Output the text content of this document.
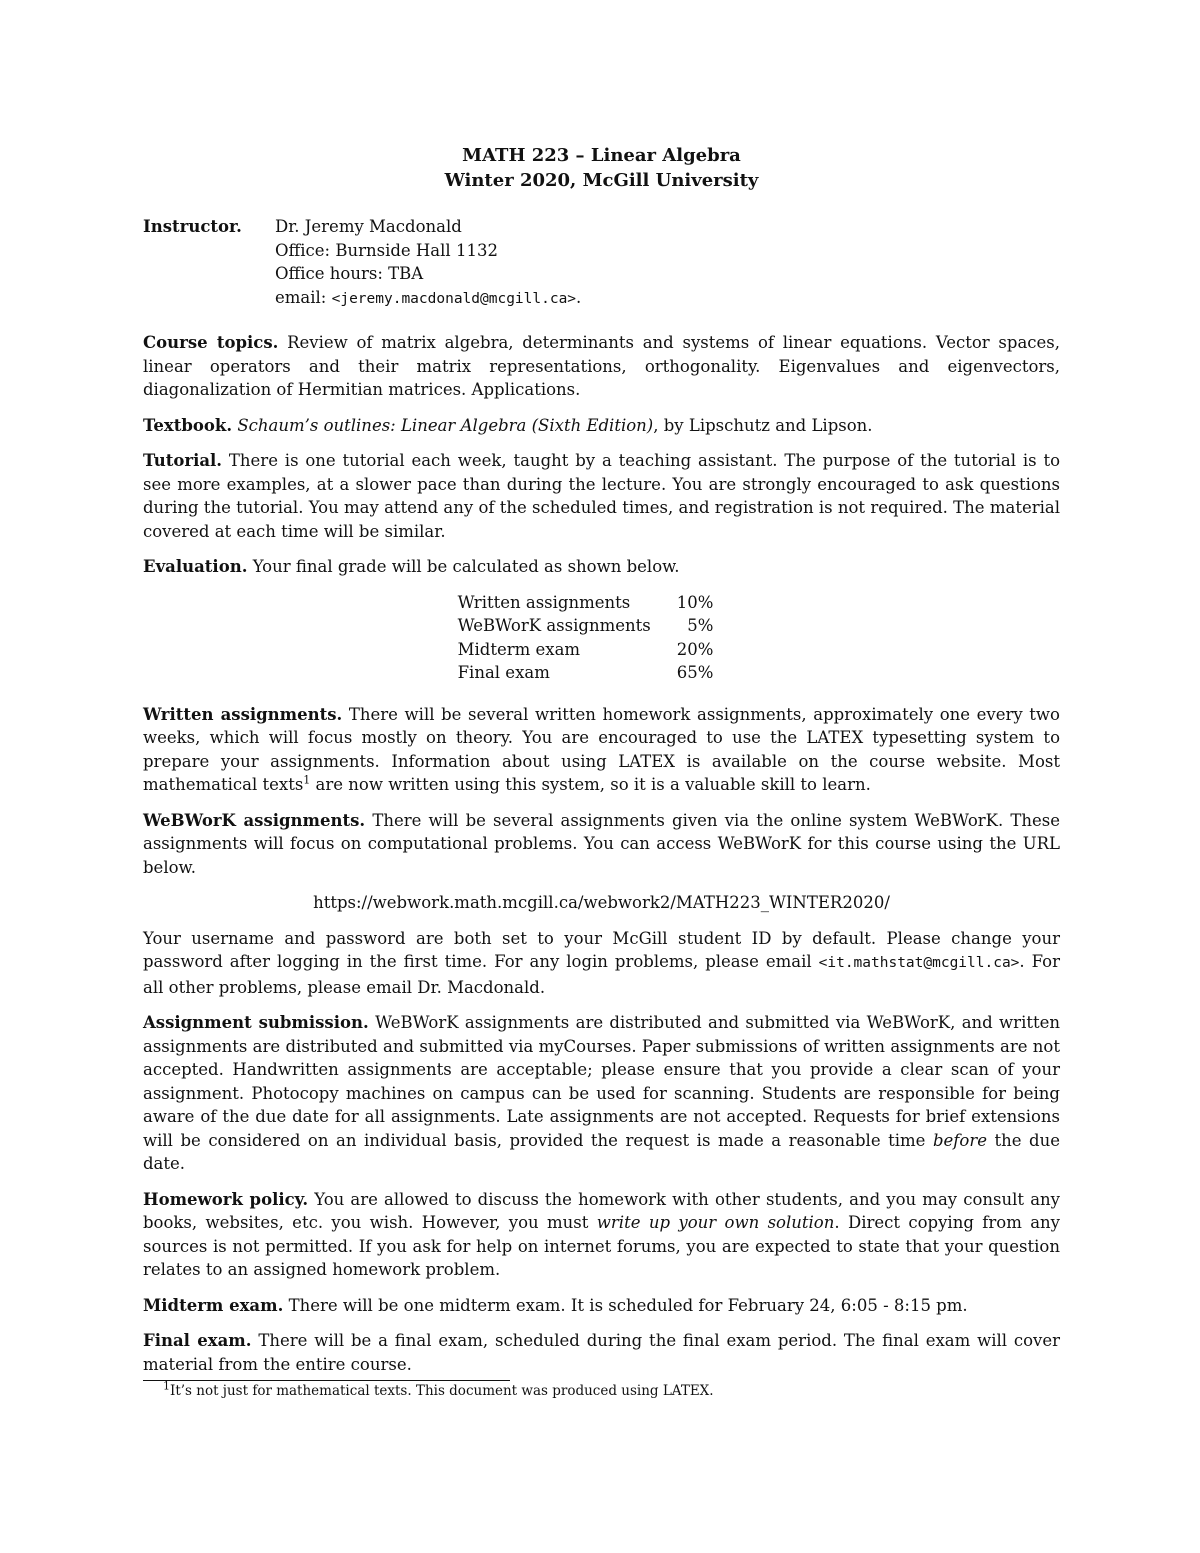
MATH 223 – Linear Algebra
Winter 2020, McGill University
Instructor.	Dr. Jeremy Macdonald
Office: Burnside Hall 1132
Office hours: TBA
email: <jeremy.macdonald@mcgill.ca>.
Course topics. Review of matrix algebra, determinants and systems of linear equations. Vector spaces, linear operators and their matrix representations, orthogonality. Eigenvalues and eigenvectors, diagonalization of Hermitian matrices. Applications.
Textbook. Schaum’s outlines: Linear Algebra (Sixth Edition), by Lipschutz and Lipson.
Tutorial. There is one tutorial each week, taught by a teaching assistant. The purpose of the tutorial is to see more examples, at a slower pace than during the lecture. You are strongly encouraged to ask questions during the tutorial. You may attend any of the scheduled times, and registration is not required. The material covered at each time will be similar.
Evaluation. Your final grade will be calculated as shown below.
Written assignments	10%
WeBWorK assignments	5%
Midterm exam	20%
Final exam	65%
Written assignments. There will be several written homework assignments, approximately one every two weeks, which will focus mostly on theory. You are encouraged to use the LATEX typesetting system to prepare your assignments. Information about using LATEX is available on the course website. Most mathematical texts$^1$ are now written using this system, so it is a valuable skill to learn.
WeBWorK assignments. There will be several assignments given via the online system WeBWorK. These assignments will focus on computational problems. You can access WeBWorK for this course using the URL below.
https://webwork.math.mcgill.ca/webwork2/MATH223_WINTER2020/
Your username and password are both set to your McGill student ID by default. Please change your password after logging in the first time. For any login problems, please email <it.mathstat@mcgill.ca>. For all other problems, please email Dr. Macdonald.
Assignment submission. WeBWorK assignments are distributed and submitted via WeBWorK, and written assignments are distributed and submitted via myCourses. Paper submissions of written assignments are not accepted. Handwritten assignments are acceptable; please ensure that you provide a clear scan of your assignment. Photocopy machines on campus can be used for scanning. Students are responsible for being aware of the due date for all assignments. Late assignments are not accepted. Requests for brief extensions will be considered on an individual basis, provided the request is made a reasonable time before the due date.
Homework policy. You are allowed to discuss the homework with other students, and you may consult any books, websites, etc. you wish. However, you must write up your own solution. Direct copying from any sources is not permitted. If you ask for help on internet forums, you are expected to state that your question relates to an assigned homework problem.
Midterm exam. There will be one midterm exam. It is scheduled for February 24, 6:05 - 8:15 pm.
Final exam. There will be a final exam, scheduled during the final exam period. The final exam will cover material from the entire course.
$^1$It’s not just for mathematical texts. This document was produced using LATEX.
